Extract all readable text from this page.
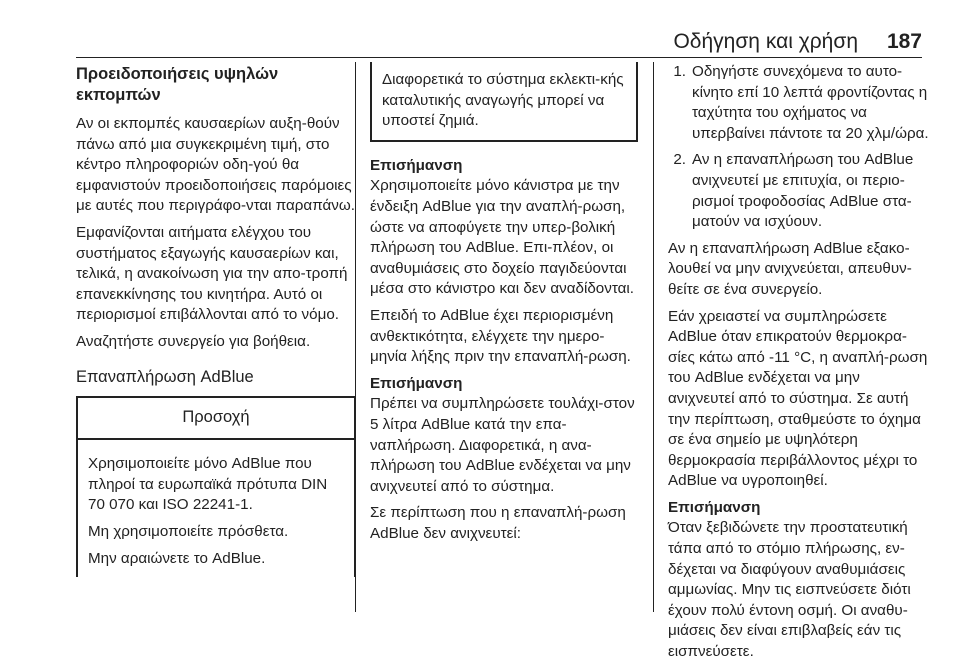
Οδήγηση και χρήση 187
Προειδοποιήσεις υψηλών εκπομπών

Αν οι εκπομπές καυσαερίων αυξη-θούν πάνω από μια συγκεκριμένη τιμή, στο κέντρο πληροφοριών οδη-γού θα εμφανιστούν προειδοποιήσεις παρόμοιες με αυτές που περιγράφο-νται παραπάνω.

Εμφανίζονται αιτήματα ελέγχου του συστήματος εξαγωγής καυσαερίων και, τελικά, η ανακοίνωση για την απο-τροπή επανεκκίνησης του κινητήρα. Αυτό οι περιορισμοί επιβάλλονται από το νόμο.

Αναζητήστε συνεργείο για βοήθεια.

Επαναπλήρωση AdBlue
Προσοχή

Χρησιμοποιείτε μόνο AdBlue που πληροί τα ευρωπαϊκά πρότυπα DIN 70 070 και ISO 22241-1.

Μη χρησιμοποιείτε πρόσθετα.

Μην αραιώνετε το AdBlue.

Διαφορετικά το σύστημα εκλεκτι-κής καταλυτικής αναγωγής μπορεί να υποστεί ζημιά.
Επισήμανση

Χρησιμοποιείτε μόνο κάνιστρα με την ένδειξη AdBlue για την αναπλή-ρωση, ώστε να αποφύγετε την υπερ-βολική πλήρωση του AdBlue. Επι-πλέον, οι αναθυμιάσεις στο δοχείο παγιδεύονται μέσα στο κάνιστρο και δεν αναδίδονται.

Επειδή το AdBlue έχει περιορισμένη ανθεκτικότητα, ελέγχετε την ημερο-μηνία λήξης πριν την επαναπλή-ρωση.

Επισήμανση

Πρέπει να συμπληρώσετε τουλάχι-στον 5 λίτρα AdBlue κατά την επα-ναπλήρωση. Διαφορετικά, η ανα-πλήρωση του AdBlue ενδέχεται να μην ανιχνευτεί από το σύστημα.

Σε περίπτωση που η επαναπλή-ρωση AdBlue δεν ανιχνευτεί:

1. Οδηγήστε συνεχόμενα το αυτο-κίνητο επί 10 λεπτά φροντίζοντας η ταχύτητα του οχήματος να υπερβαίνει πάντοτε τα 20 χλμ/ώρα.
2. Αν η επαναπλήρωση του AdBlue ανιχνευτεί με επιτυχία, οι περιο-ρισμοί τροφοδοσίας AdBlue στα-ματούν να ισχύουν.

Αν η επαναπλήρωση AdBlue εξακο-λουθεί να μην ανιχνεύεται, απευθυν-θείτε σε ένα συνεργείο.

Εάν χρειαστεί να συμπληρώσετε AdBlue όταν επικρατούν θερμοκρα-σίες κάτω από -11 °C, η αναπλή-ρωση του AdBlue ενδέχεται να μην ανιχνευτεί από το σύστημα. Σε αυτή την περίπτωση, σταθμεύστε το όχημα σε ένα σημείο με υψηλότερη θερμοκρασία περιβάλλοντος μέχρι το AdBlue να υγροποιηθεί.

Επισήμανση

Όταν ξεβιδώνετε την προστατευτική τάπα από το στόμιο πλήρωσης, εν-δέχεται να διαφύγουν αναθυμιάσεις αμμωνίας. Μην τις εισπνεύσετε διότι έχουν πολύ έντονη οσμή. Οι αναθυ-μιάσεις δεν είναι επιβλαβείς εάν τις εισπνεύσετε.
